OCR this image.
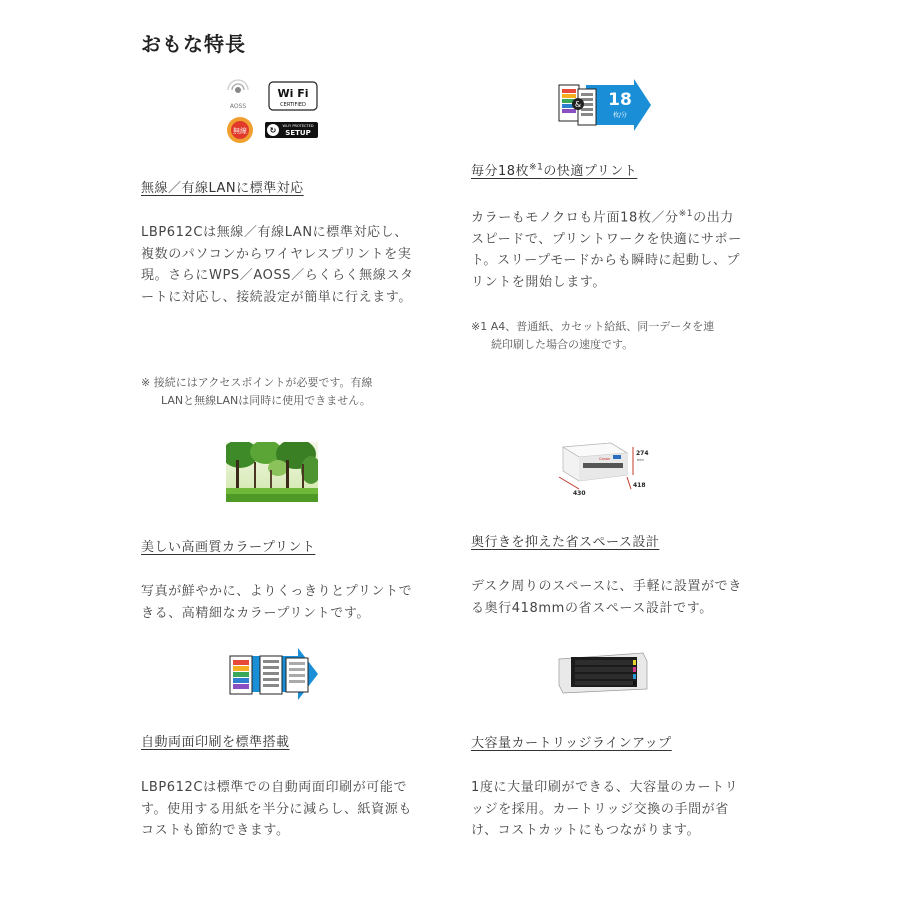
おもな特長
AOSS
Wi Fi
CERTIFIED
無線	↻ WI-FI PROTECTED
SETUP
無線／有線LANに標準対応
LBP612Cは無線／有線LANに標準対応し、複数のパソコンからワイヤレスプリントを実現。さらにWPS／AOSS／らくらく無線スタートに対応し、接続設定が簡単に行えます。
※ 接続にはアクセスポイントが必要です。有線
LANと無線LANは同時に使用できません。
& 18
枚/分
毎分18枚$^{※1}$の快適プリント
カラーもモノクロも片面18枚／分$^{※1}$の出力スピードで、プリントワークを快適にサポート。スリープモードからも瞬時に起動し、プリントを開始します。
※1 A4、普通紙、カセット給紙、同一データを連
続印刷した場合の速度です。
美しい高画質カラープリント
写真が鮮やかに、よりくっきりとプリントできる、高精細なカラープリントです。
Canon
274
mm
430
418
奥行きを抑えた省スペース設計
デスク周りのスペースに、手軽に設置ができる奥行418mmの省スペース設計です。
自動両面印刷を標準搭載
LBP612Cは標準での自動両面印刷が可能です。使用する用紙を半分に減らし、紙資源もコストも節約できます。
大容量カートリッジラインアップ
1度に大量印刷ができる、大容量のカートリッジを採用。カートリッジ交換の手間が省け、コストカットにもつながります。
